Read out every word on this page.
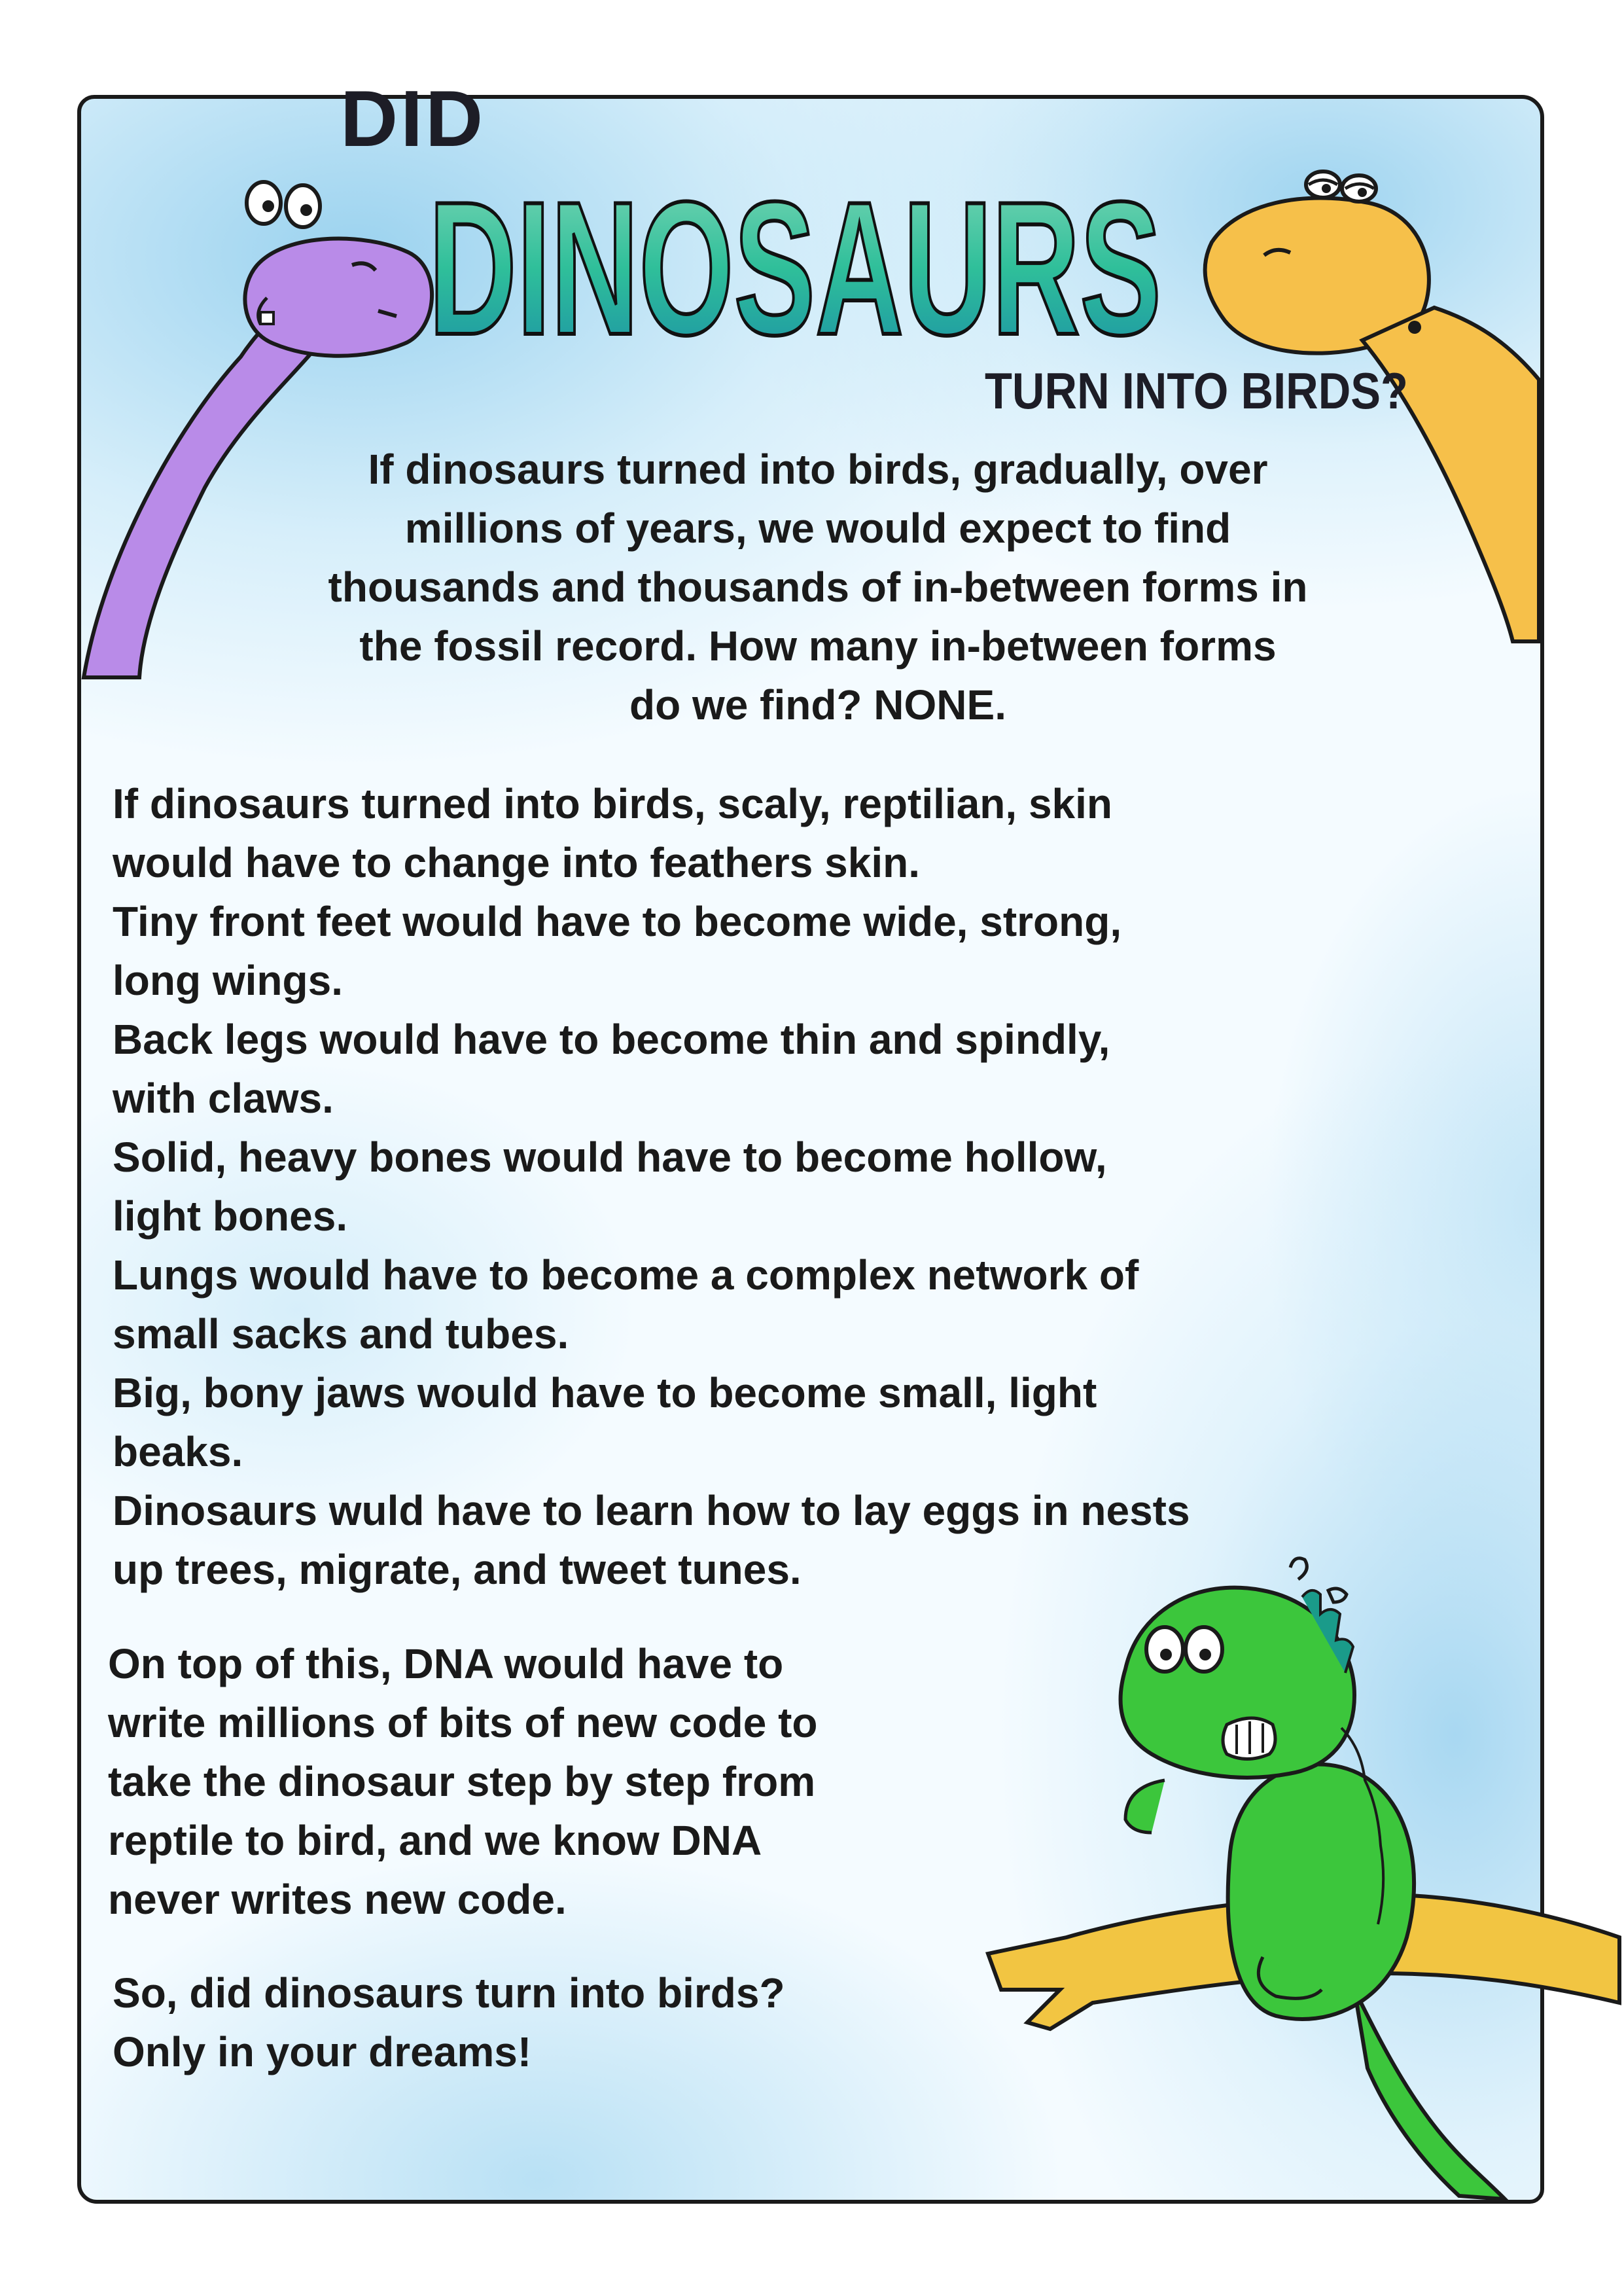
DID
DINOSAURS
TURN INTO BIRDS?

If dinosaurs turned into birds, gradually, over

millions of years, we would expect to find

thousands and thousands of in-between forms in

the fossil record. How many in-between forms

do we find? NONE.

If dinosaurs turned into birds, scaly, reptilian, skin

would have to change into feathers skin.

Tiny front feet would have to become wide, strong,

long wings.

Back legs would have to become thin and spindly,

with claws.

Solid, heavy bones would have to become hollow,

light bones.

Lungs would have to become a complex network of

small sacks and tubes.

Big, bony jaws would have to become small, light

beaks.

Dinosaurs wuld have to learn how to lay eggs in nests

up trees, migrate, and tweet tunes.

On top of this, DNA would have to

write millions of bits of new code to

take the dinosaur step by step from

reptile to bird, and we know DNA

never writes new code.

So, did dinosaurs turn into birds?

Only in your dreams!
